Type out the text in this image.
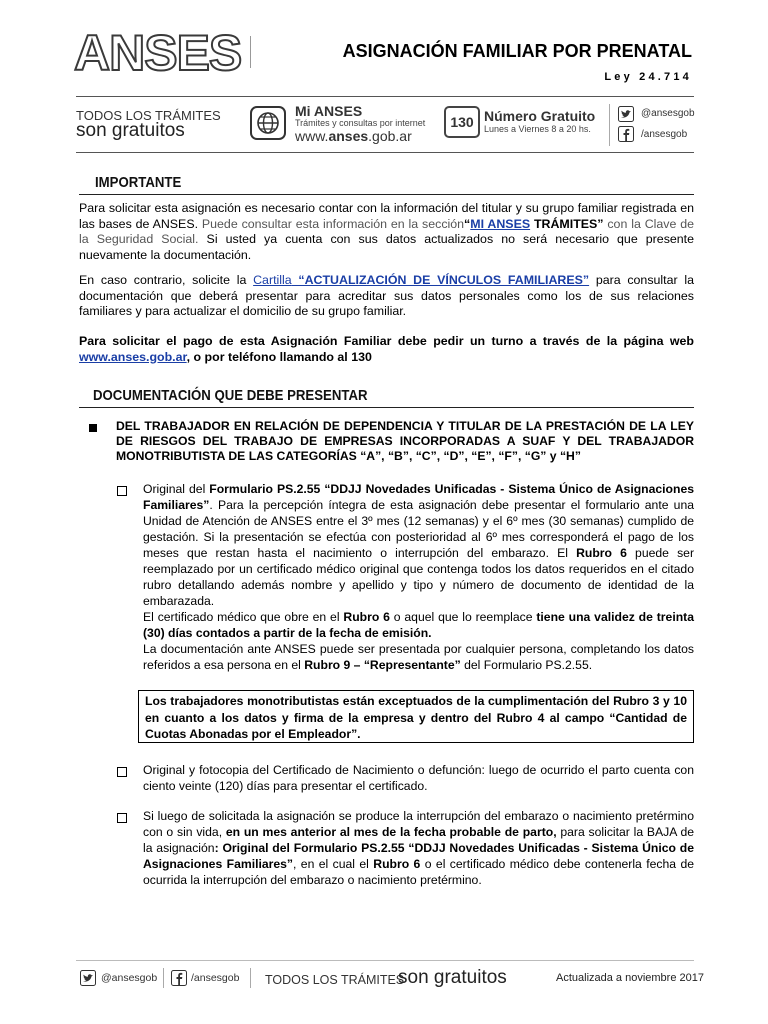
ANSES	ASIGNACIÓN FAMILIAR POR PRENATAL
Ley 24.714
TODOS LOS TRÁMITES
son gratuitos
Mi ANSES
Trámites y consultas por internet
www.anses.gob.ar
130 Número Gratuito
Lunes a Viernes 8 a 20 hs.
@ansesgob
/ansesgob
IMPORTANTE
Para solicitar esta asignación es necesario contar con la información del titular y su grupo familiar registrada en las bases de ANSES. Puede consultar esta información en la sección“MI ANSES TRÁMITES” con la Clave de la Seguridad Social. Si usted ya cuenta con sus datos actualizados no será necesario que presente nuevamente la documentación.
En caso contrario, solicite la Cartilla “ACTUALIZACIÓN DE VÍNCULOS FAMILIARES” para consultar la documentación que deberá presentar para acreditar sus datos personales como los de sus relaciones familiares y para actualizar el domicilio de su grupo familiar.
Para solicitar el pago de esta Asignación Familiar debe pedir un turno a través de la página web www.anses.gob.ar, o por teléfono llamando al 130
DOCUMENTACIÓN QUE DEBE PRESENTAR
DEL TRABAJADOR EN RELACIÓN DE DEPENDENCIA Y TITULAR DE LA PRESTACIÓN DE LA LEY DE RIESGOS DEL TRABAJO DE EMPRESAS INCORPORADAS A SUAF Y DEL TRABAJADOR MONOTRIBUTISTA DE LAS CATEGORÍAS “A”, “B”, “C”, “D”, “E”, “F”, “G” y “H”

Original del Formulario PS.2.55 “DDJJ Novedades Unificadas - Sistema Único de Asignaciones Familiares”. Para la percepción íntegra de esta asignación debe presentar el formulario ante una Unidad de Atención de ANSES entre el 3º mes (12 semanas) y el 6º mes (30 semanas) cumplido de gestación. Si la presentación se efectúa con posterioridad al 6º mes corresponderá el pago de los meses que restan hasta el nacimiento o interrupción del embarazo. El Rubro 6 puede ser reemplazado por un certificado médico original que contenga todos los datos requeridos en el citado rubro detallando además nombre y apellido y tipo y número de documento de identidad de la embarazada.

El certificado médico que obre en el Rubro 6 o aquel que lo reemplace tiene una validez de treinta (30) días contados a partir de la fecha de emisión.

La documentación ante ANSES puede ser presentada por cualquier persona, completando los datos referidos a esa persona en el Rubro 9 – “Representante” del Formulario PS.2.55.

Los trabajadores monotributistas están exceptuados de la cumplimentación del Rubro 3 y 10 en cuanto a los datos y firma de la empresa y dentro del Rubro 4 al campo “Cantidad de Cuotas Abonadas por el Empleador”.
Original y fotocopia del Certificado de Nacimiento o defunción: luego de ocurrido el parto cuenta con ciento veinte (120) días para presentar el certificado.
Si luego de solicitada la asignación se produce la interrupción del embarazo o nacimiento pretérmino con o sin vida, en un mes anterior al mes de la fecha probable de parto, para solicitar la BAJA de la asignación: Original del Formulario PS.2.55 “DDJJ Novedades Unificadas - Sistema Único de Asignaciones Familiares”, en el cual el Rubro 6 o el certificado médico debe contenerla fecha de ocurrida la interrupción del embarazo o nacimiento pretérmino.
@ansesgob	/ansesgob TODOS LOS TRÁMITES
son gratuitos	Actualizada a noviembre 2017
